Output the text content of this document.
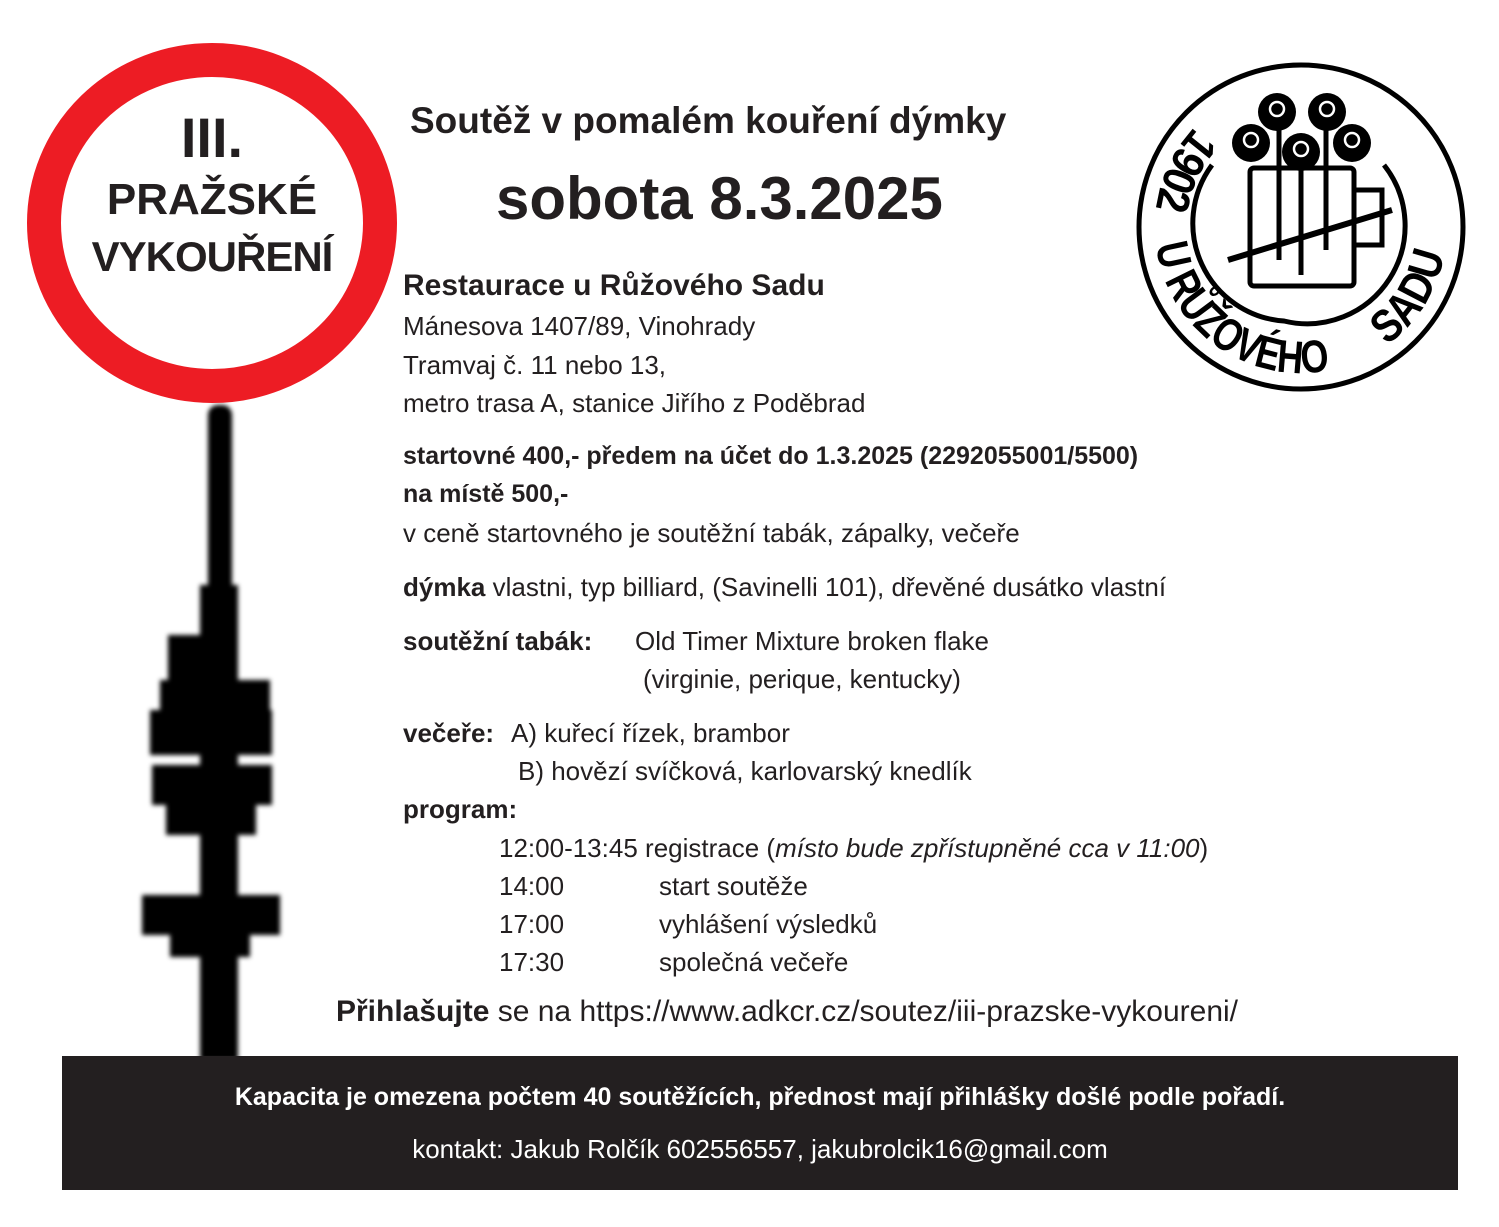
III.
PRAŽSKÉ
VYKOUŘENÍ
Soutěž v pomalém kouření dýmky
sobota 8.3.2025
1902
U RŮŽOVÉHO
SADU
Restaurace u Růžového Sadu
Mánesova 1407/89, Vinohrady
Tramvaj č. 11 nebo 13,
metro trasa A, stanice Jiřího z Poděbrad
startovné 400,- předem na účet do 1.3.2025 (2292055001/5500)
na místě 500,-
v ceně startovného je soutěžní tabák, zápalky, večeře
dýmka vlastni, typ billiard, (Savinelli 101), dřevěné dusátko vlastní
soutěžní tabák: Old Timer Mixture broken flake
(virginie, perique, kentucky)
večeře: A) kuřecí řízek, brambor
B) hovězí svíčková, karlovarský knedlík
program:
12:00-13:45 registrace (místo bude zpřístupněné cca v 11:00)
14:00	start soutěže
17:00	vyhlášení výsledků
17:30	společná večeře
Přihlašujte se na https://www.adkcr.cz/soutez/iii-prazske-vykoureni/
Kapacita je omezena počtem 40 soutěžících, přednost mají přihlášky došlé podle pořadí.
kontakt: Jakub Rolčík 602556557, jakubrolcik16@gmail.com
